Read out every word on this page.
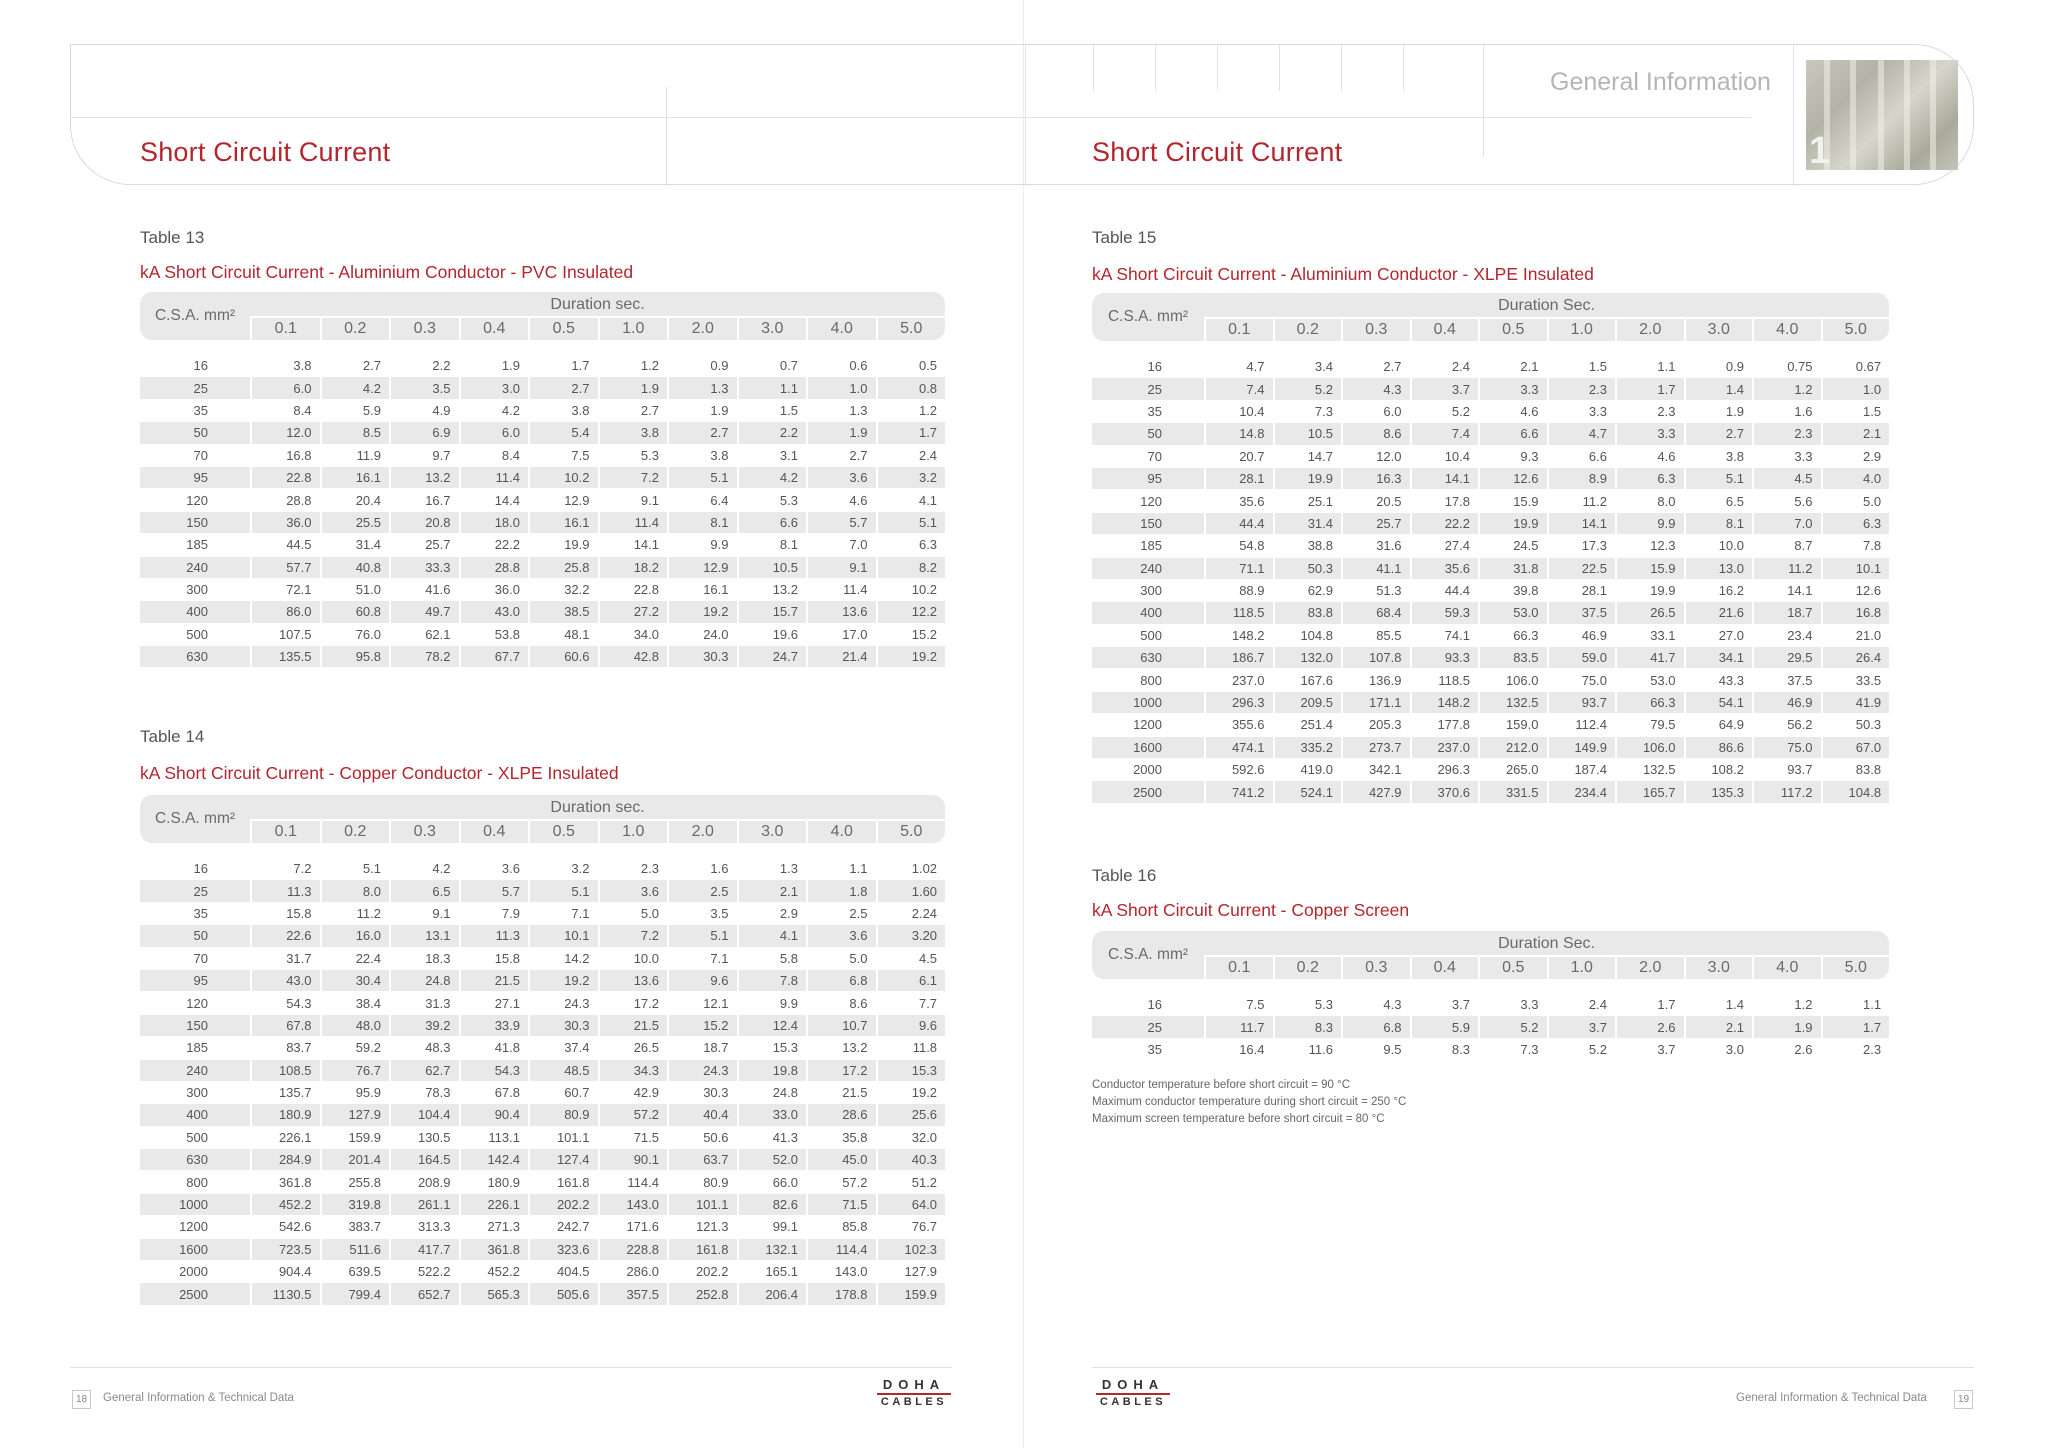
Short Circuit Current	Short Circuit Current
General Information
1
Table 13
kA Short Circuit Current - Aluminium Conductor - PVC Insulated
C.S.A. mm²	Duration sec.									
	0.1	0.2	0.3	0.4	0.5	1.0	2.0	3.0	4.0	5.0

16	3.8	2.7	2.2	1.9	1.7	1.2	0.9	0.7	0.6	0.5
25	6.0	4.2	3.5	3.0	2.7	1.9	1.3	1.1	1.0	0.8
35	8.4	5.9	4.9	4.2	3.8	2.7	1.9	1.5	1.3	1.2
50	12.0	8.5	6.9	6.0	5.4	3.8	2.7	2.2	1.9	1.7
70	16.8	11.9	9.7	8.4	7.5	5.3	3.8	3.1	2.7	2.4
95	22.8	16.1	13.2	11.4	10.2	7.2	5.1	4.2	3.6	3.2
120	28.8	20.4	16.7	14.4	12.9	9.1	6.4	5.3	4.6	4.1
150	36.0	25.5	20.8	18.0	16.1	11.4	8.1	6.6	5.7	5.1
185	44.5	31.4	25.7	22.2	19.9	14.1	9.9	8.1	7.0	6.3
240	57.7	40.8	33.3	28.8	25.8	18.2	12.9	10.5	9.1	8.2
300	72.1	51.0	41.6	36.0	32.2	22.8	16.1	13.2	11.4	10.2
400	86.0	60.8	49.7	43.0	38.5	27.2	19.2	15.7	13.6	12.2
500	107.5	76.0	62.1	53.8	48.1	34.0	24.0	19.6	17.0	15.2
630	135.5	95.8	78.2	67.7	60.6	42.8	30.3	24.7	21.4	19.2
Table 14
kA Short Circuit Current - Copper Conductor - XLPE Insulated
C.S.A. mm²	Duration sec.									
	0.1	0.2	0.3	0.4	0.5	1.0	2.0	3.0	4.0	5.0

16	7.2	5.1	4.2	3.6	3.2	2.3	1.6	1.3	1.1	1.02
25	11.3	8.0	6.5	5.7	5.1	3.6	2.5	2.1	1.8	1.60
35	15.8	11.2	9.1	7.9	7.1	5.0	3.5	2.9	2.5	2.24
50	22.6	16.0	13.1	11.3	10.1	7.2	5.1	4.1	3.6	3.20
70	31.7	22.4	18.3	15.8	14.2	10.0	7.1	5.8	5.0	4.5
95	43.0	30.4	24.8	21.5	19.2	13.6	9.6	7.8	6.8	6.1
120	54.3	38.4	31.3	27.1	24.3	17.2	12.1	9.9	8.6	7.7
150	67.8	48.0	39.2	33.9	30.3	21.5	15.2	12.4	10.7	9.6
185	83.7	59.2	48.3	41.8	37.4	26.5	18.7	15.3	13.2	11.8
240	108.5	76.7	62.7	54.3	48.5	34.3	24.3	19.8	17.2	15.3
300	135.7	95.9	78.3	67.8	60.7	42.9	30.3	24.8	21.5	19.2
400	180.9	127.9	104.4	90.4	80.9	57.2	40.4	33.0	28.6	25.6
500	226.1	159.9	130.5	113.1	101.1	71.5	50.6	41.3	35.8	32.0
630	284.9	201.4	164.5	142.4	127.4	90.1	63.7	52.0	45.0	40.3
800	361.8	255.8	208.9	180.9	161.8	114.4	80.9	66.0	57.2	51.2
1000	452.2	319.8	261.1	226.1	202.2	143.0	101.1	82.6	71.5	64.0
1200	542.6	383.7	313.3	271.3	242.7	171.6	121.3	99.1	85.8	76.7
1600	723.5	511.6	417.7	361.8	323.6	228.8	161.8	132.1	114.4	102.3
2000	904.4	639.5	522.2	452.2	404.5	286.0	202.2	165.1	143.0	127.9
2500	1130.5	799.4	652.7	565.3	505.6	357.5	252.8	206.4	178.8	159.9
Table 15
kA Short Circuit Current - Aluminium Conductor - XLPE Insulated
C.S.A. mm²	Duration Sec.									
	0.1	0.2	0.3	0.4	0.5	1.0	2.0	3.0	4.0	5.0

16	4.7	3.4	2.7	2.4	2.1	1.5	1.1	0.9	0.75	0.67
25	7.4	5.2	4.3	3.7	3.3	2.3	1.7	1.4	1.2	1.0
35	10.4	7.3	6.0	5.2	4.6	3.3	2.3	1.9	1.6	1.5
50	14.8	10.5	8.6	7.4	6.6	4.7	3.3	2.7	2.3	2.1
70	20.7	14.7	12.0	10.4	9.3	6.6	4.6	3.8	3.3	2.9
95	28.1	19.9	16.3	14.1	12.6	8.9	6.3	5.1	4.5	4.0
120	35.6	25.1	20.5	17.8	15.9	11.2	8.0	6.5	5.6	5.0
150	44.4	31.4	25.7	22.2	19.9	14.1	9.9	8.1	7.0	6.3
185	54.8	38.8	31.6	27.4	24.5	17.3	12.3	10.0	8.7	7.8
240	71.1	50.3	41.1	35.6	31.8	22.5	15.9	13.0	11.2	10.1
300	88.9	62.9	51.3	44.4	39.8	28.1	19.9	16.2	14.1	12.6
400	118.5	83.8	68.4	59.3	53.0	37.5	26.5	21.6	18.7	16.8
500	148.2	104.8	85.5	74.1	66.3	46.9	33.1	27.0	23.4	21.0
630	186.7	132.0	107.8	93.3	83.5	59.0	41.7	34.1	29.5	26.4
800	237.0	167.6	136.9	118.5	106.0	75.0	53.0	43.3	37.5	33.5
1000	296.3	209.5	171.1	148.2	132.5	93.7	66.3	54.1	46.9	41.9
1200	355.6	251.4	205.3	177.8	159.0	112.4	79.5	64.9	56.2	50.3
1600	474.1	335.2	273.7	237.0	212.0	149.9	106.0	86.6	75.0	67.0
2000	592.6	419.0	342.1	296.3	265.0	187.4	132.5	108.2	93.7	83.8
2500	741.2	524.1	427.9	370.6	331.5	234.4	165.7	135.3	117.2	104.8
Table 16
kA Short Circuit Current - Copper Screen
C.S.A. mm²	Duration Sec.									
	0.1	0.2	0.3	0.4	0.5	1.0	2.0	3.0	4.0	5.0

16	7.5	5.3	4.3	3.7	3.3	2.4	1.7	1.4	1.2	1.1
25	11.7	8.3	6.8	5.9	5.2	3.7	2.6	2.1	1.9	1.7
35	16.4	11.6	9.5	8.3	7.3	5.2	3.7	3.0	2.6	2.3
Conductor temperature before short circuit = 90 °C
Maximum conductor temperature during short circuit = 250 °C
Maximum screen temperature before short circuit = 80 °C
18	General Information & Technical Data
DOHA
CABLES
DOHA
CABLES	General Information & Technical Data	19
